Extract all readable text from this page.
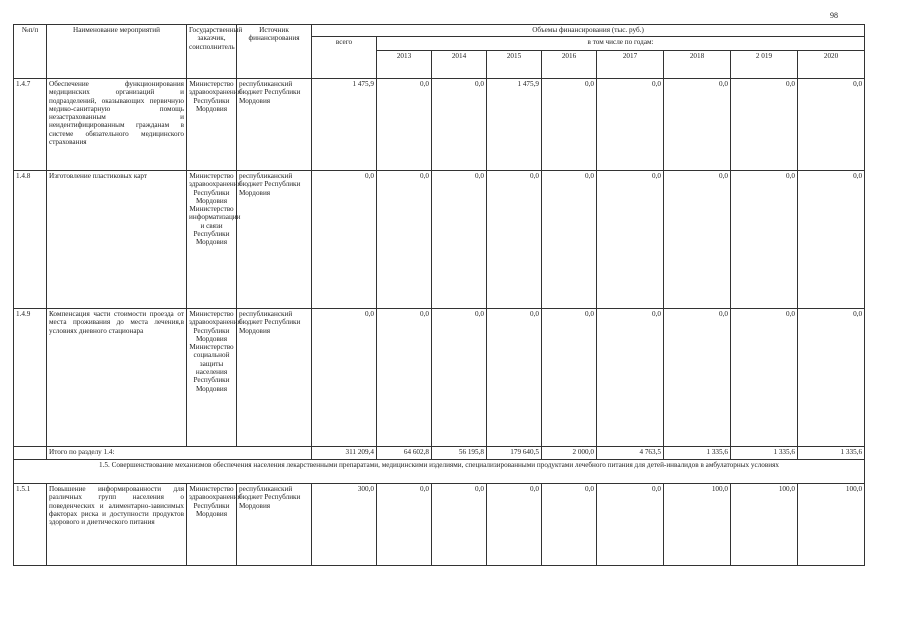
98
№п/п	Наименование мероприятий	Государственный заказчик, соисполнитель	Источник финансирования	Объемы финансирования (тыс. руб.)								
				всего	в том числе по годам:							
					2013	2014	2015	2016	2017	2018	2 019	2020
1.4.7	Обеспечение функционирования медицинских организаций и подразделений, оказывающих первичную медико-санитарную помощь незастрахованным и неидентифицированным гражданам в системе обязательного медицинского страхования	Министерство здравоохранения Республики Мордовия	республиканский бюджет Республики Мордовия	1 475,9	0,0	0,0	1 475,9	0,0	0,0	0,0	0,0	0,0
1.4.8	Изготовление пластиковых карт	Министерство здравоохранения Республики Мордовия Министерство информатизации и связи Республики Мордовия	республиканский бюджет Республики Мордовия	0,0	0,0	0,0	0,0	0,0	0,0	0,0	0,0	0,0
1.4.9	Компенсация части стоимости проезда от места проживания до места лечения,в условиях дневного стационара	Министерство здравоохранения Республики Мордовия Министерство социальной защиты населения Республики Мордовия	республиканский бюджет Республики Мордовия	0,0	0,0	0,0	0,0	0,0	0,0	0,0	0,0	0,0
	Итого по разделу 1.4:			311 209,4	64 602,8	56 195,8	179 640,5	2 000,0	4 763,5	1 335,6	1 335,6	1 335,6
1.5. Совершенствование механизмов обеспечения населения лекарственными препаратами, медицинскими изделиями, специализированными продуктами лечебного питания для детей-инвалидов в амбулаторных условиях												
1.5.1	Повышение информированности для различных групп населения о поведенческих и алиментарно-зависимых факторах риска и доступности продуктов здорового и диетического питания	Министерство здравоохранения Республики Мордовия	республиканский бюджет Республики Мордовия	300,0	0,0	0,0	0,0	0,0	0,0	100,0	100,0	100,0
